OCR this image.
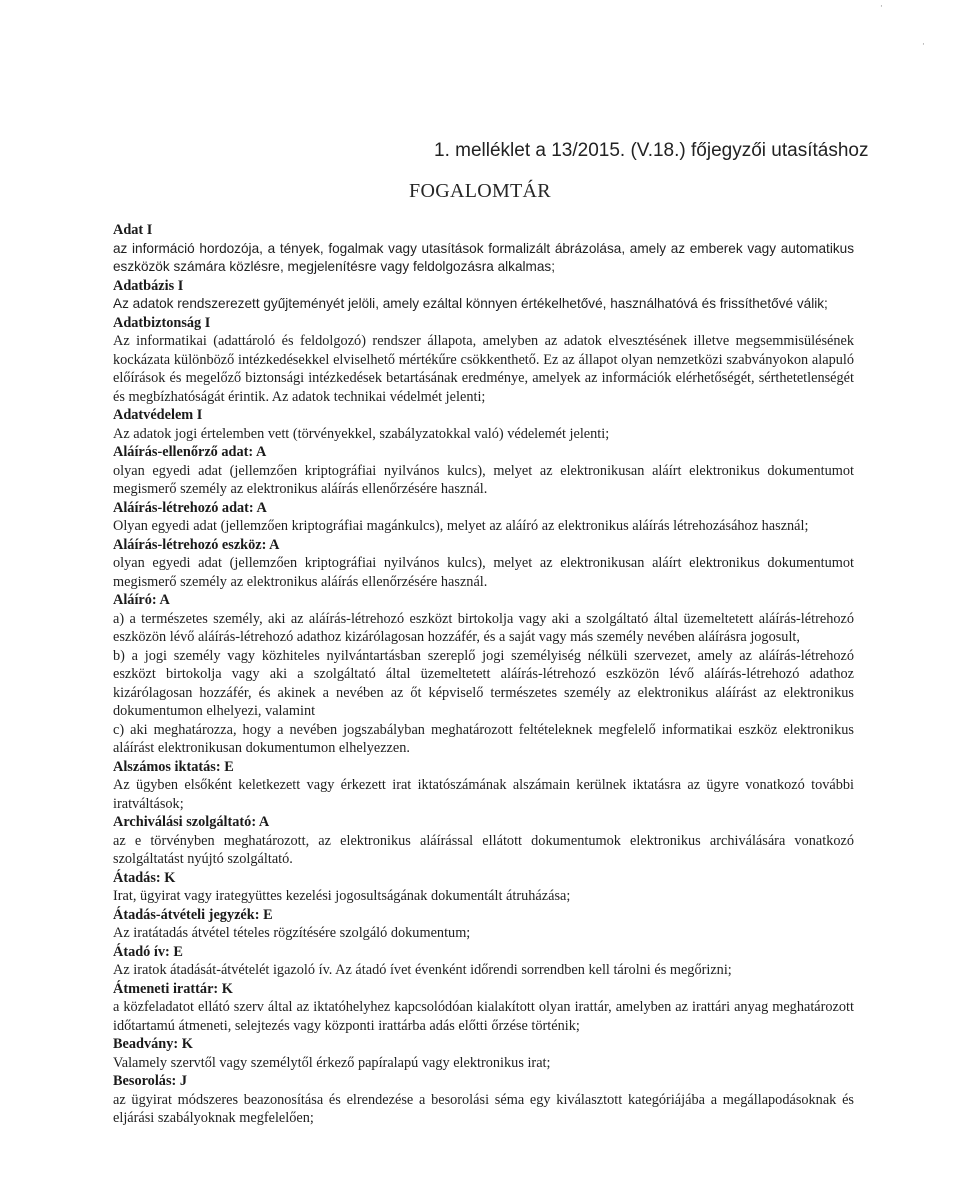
1. melléklet a 13/2015. (V.18.) főjegyzői utasításhoz
FOGALOMTÁR
Adat I
az információ hordozója, a tények, fogalmak vagy utasítások formalizált ábrázolása, amely az emberek vagy automatikus eszközök számára közlésre, megjelenítésre vagy feldolgozásra alkalmas;
Adatbázis I
Az adatok rendszerezett gyűjteményét jelöli, amely ezáltal könnyen értékelhetővé, használhatóvá és frissíthetővé válik;
Adatbiztonság I
Az informatikai (adattároló és feldolgozó) rendszer állapota, amelyben az adatok elvesztésének illetve megsemmisülésének kockázata különböző intézkedésekkel elviselhető mértékűre csökkenthető. Ez az állapot olyan nemzetközi szabványokon alapuló előírások és megelőző biztonsági intézkedések betartásának eredménye, amelyek az információk elérhetőségét, sérthetetlenségét és megbízhatóságát érintik. Az adatok technikai védelmét jelenti;
Adatvédelem I
Az adatok jogi értelemben vett (törvényekkel, szabályzatokkal való) védelemét jelenti;
Aláírás-ellenőrző adat: A
olyan egyedi adat (jellemzően kriptográfiai nyilvános kulcs), melyet az elektronikusan aláírt elektronikus dokumentumot megismerő személy az elektronikus aláírás ellenőrzésére használ.
Aláírás-létrehozó adat: A
Olyan egyedi adat (jellemzően kriptográfiai magánkulcs), melyet az aláíró az elektronikus aláírás létrehozásához használ;
Aláírás-létrehozó eszköz: A
olyan egyedi adat (jellemzően kriptográfiai nyilvános kulcs), melyet az elektronikusan aláírt elektronikus dokumentumot megismerő személy az elektronikus aláírás ellenőrzésére használ.
Aláíró: A
a) a természetes személy, aki az aláírás-létrehozó eszközt birtokolja vagy aki a szolgáltató által üzemeltetett aláírás-létrehozó eszközön lévő aláírás-létrehozó adathoz kizárólagosan hozzáfér, és a saját vagy más személy nevében aláírásra jogosult,
b) a jogi személy vagy közhiteles nyilvántartásban szereplő jogi személyiség nélküli szervezet, amely az aláírás-létrehozó eszközt birtokolja vagy aki a szolgáltató által üzemeltetett aláírás-létrehozó eszközön lévő aláírás-létrehozó adathoz kizárólagosan hozzáfér, és akinek a nevében az őt képviselő természetes személy az elektronikus aláírást az elektronikus dokumentumon elhelyezi, valamint
c) aki meghatározza, hogy a nevében jogszabályban meghatározott feltételeknek megfelelő informatikai eszköz elektronikus aláírást elektronikusan dokumentumon elhelyezzen.
Alszámos iktatás: E
Az ügyben elsőként keletkezett vagy érkezett irat iktatószámának alszámain kerülnek iktatásra az ügyre vonatkozó további iratváltások;
Archiválási szolgáltató: A
az e törvényben meghatározott, az elektronikus aláírással ellátott dokumentumok elektronikus archiválására vonatkozó szolgáltatást nyújtó szolgáltató.
Átadás: K
Irat, ügyirat vagy irategyüttes kezelési jogosultságának dokumentált átruházása;
Átadás-átvételi jegyzék: E
Az iratátadás átvétel tételes rögzítésére szolgáló dokumentum;
Átadó ív: E
Az iratok átadását-átvételét igazoló ív. Az átadó ívet évenként időrendi sorrendben kell tárolni és megőrizni;
Átmeneti irattár: K
a közfeladatot ellátó szerv által az iktatóhelyhez kapcsolódóan kialakított olyan irattár, amelyben az irattári anyag meghatározott időtartamú átmeneti, selejtezés vagy központi irattárba adás előtti őrzése történik;
Beadvány: K
Valamely szervtől vagy személytől érkező papíralapú vagy elektronikus irat;
Besorolás: J
az ügyirat módszeres beazonosítása és elrendezése a besorolási séma egy kiválasztott kategóriájába a megállapodásoknak és eljárási szabályoknak megfelelően;
·
·
